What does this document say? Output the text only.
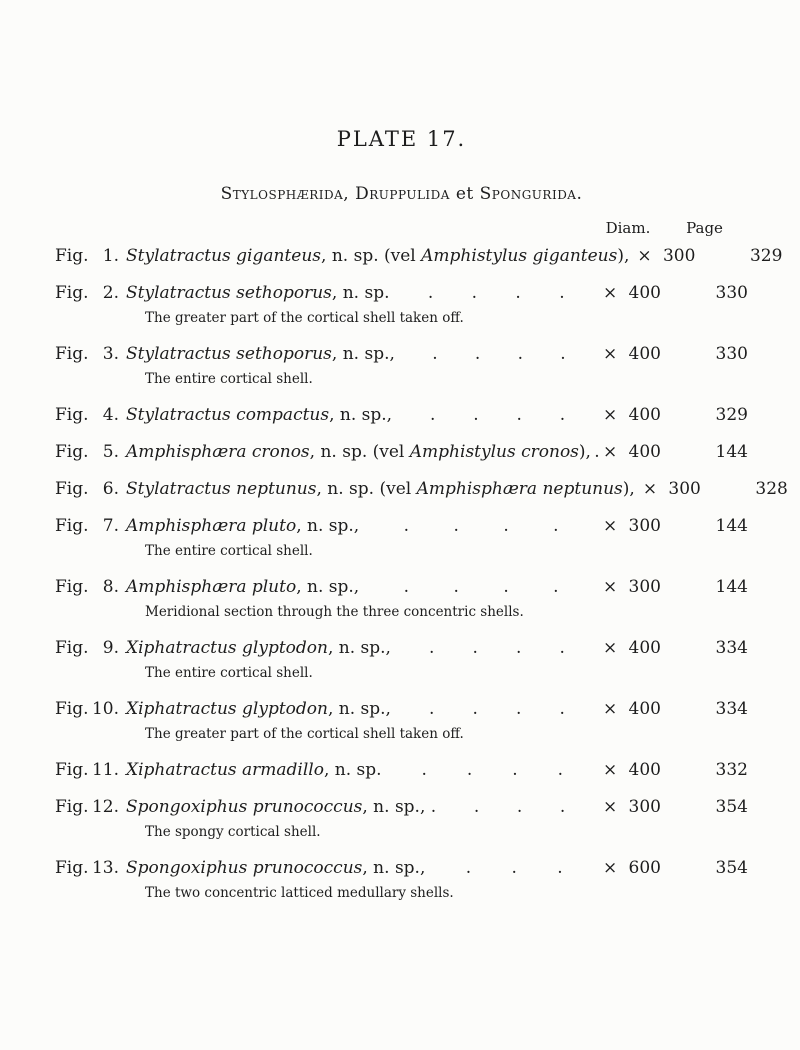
PLATE 17.
Stylosphærida, Druppulida et Spongurida.
Diam.	Page
Fig. 1. Stylatractus giganteus, n. sp. (vel Amphistylus giganteus), × 300	329
Fig. 2. Stylatractus sethoporus, n. sp. . . . . × 400	330
The greater part of the cortical shell taken off.
Fig. 3. Stylatractus sethoporus, n. sp., . . . . × 400	330
The entire cortical shell.
Fig. 4. Stylatractus compactus, n. sp., . . . . × 400	329
Fig. 5. Amphisphæra cronos, n. sp. (vel Amphistylus cronos), . × 400	144
Fig. 6. Stylatractus neptunus, n. sp. (vel Amphisphæra neptunus), × 300	328
Fig. 7. Amphisphæra pluto, n. sp.,	.	.	.	.	× 300	144
The entire cortical shell.
Fig. 8. Amphisphæra pluto, n. sp.,	.	.	.	.	× 300	144
Meridional section through the three concentric shells.
Fig. 9. Xiphatractus glyptodon, n. sp., . . . . × 400	334
The entire cortical shell.
Fig. 10. Xiphatractus glyptodon, n. sp., . . . . × 400	334
The greater part of the cortical shell taken off.
Fig. 11. Xiphatractus armadillo, n. sp. . . . . × 400	332
Fig. 12. Spongoxiphus prunococcus, n. sp., . . . . × 300	354
The spongy cortical shell.
Fig. 13. Spongoxiphus prunococcus, n. sp., . . . × 600	354
The two concentric latticed medullary shells.
